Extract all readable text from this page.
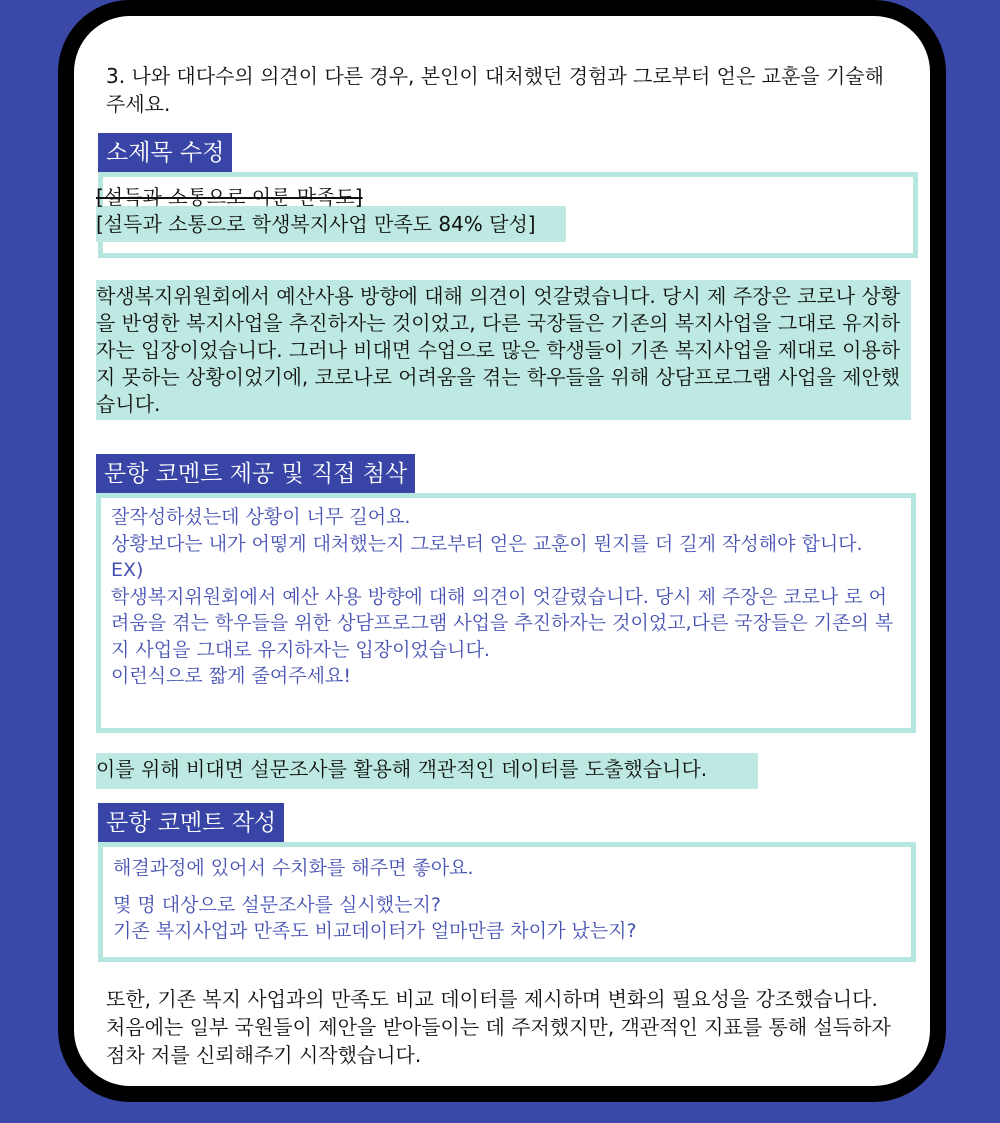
3. 나와 대다수의 의견이 다른 경우, 본인이 대처했던 경험과 그로부터 얻은 교훈을 기술해주세요.

소제목 수정

[설득과 소통으로 이룬 만족도]

[설득과 소통으로 학생복지사업 만족도 84% 달성]

학생복지위원회에서 예산사용 방향에 대해 의견이 엇갈렸습니다. 당시 제 주장은 코로나 상황을 반영한 복지사업을 추진하자는 것이었고, 다른 국장들은 기존의 복지사업을 그대로 유지하자는 입장이었습니다. 그러나 비대면 수업으로 많은 학생들이 기존 복지사업을 제대로 이용하지 못하는 상황이었기에, 코로나로 어려움을 겪는 학우들을 위해 상담프로그램 사업을 제안했습니다.

문항 코멘트 제공 및 직접 첨삭

잘작성하셨는데 상황이 너무 길어요.

상황보다는 내가 어떻게 대처했는지 그로부터 얻은 교훈이 뭔지를 더 길게 작성해야 합니다.

EX)

학생복지위원회에서 예산 사용 방향에 대해 의견이 엇갈렸습니다. 당시 제 주장은 코로나 로 어려움을 겪는 학우들을 위한 상담프로그램 사업을 추진하자는 것이었고,다른 국장들은 기존의 복지 사업을 그대로 유지하자는 입장이었습니다.

이런식으로 짧게 줄여주세요!

이를 위해 비대면 설문조사를 활용해 객관적인 데이터를 도출했습니다.

문항 코멘트 작성

해결과정에 있어서 수치화를 해주면 좋아요.

몇 명 대상으로 설문조사를 실시했는지?

기존 복지사업과 만족도 비교데이터가 얼마만큼 차이가 났는지?

또한, 기존 복지 사업과의 만족도 비교 데이터를 제시하며 변화의 필요성을 강조했습니다. 처음에는 일부 국원들이 제안을 받아들이는 데 주저했지만, 객관적인 지표를 통해 설득하자 점차 저를 신뢰해주기 시작했습니다.
